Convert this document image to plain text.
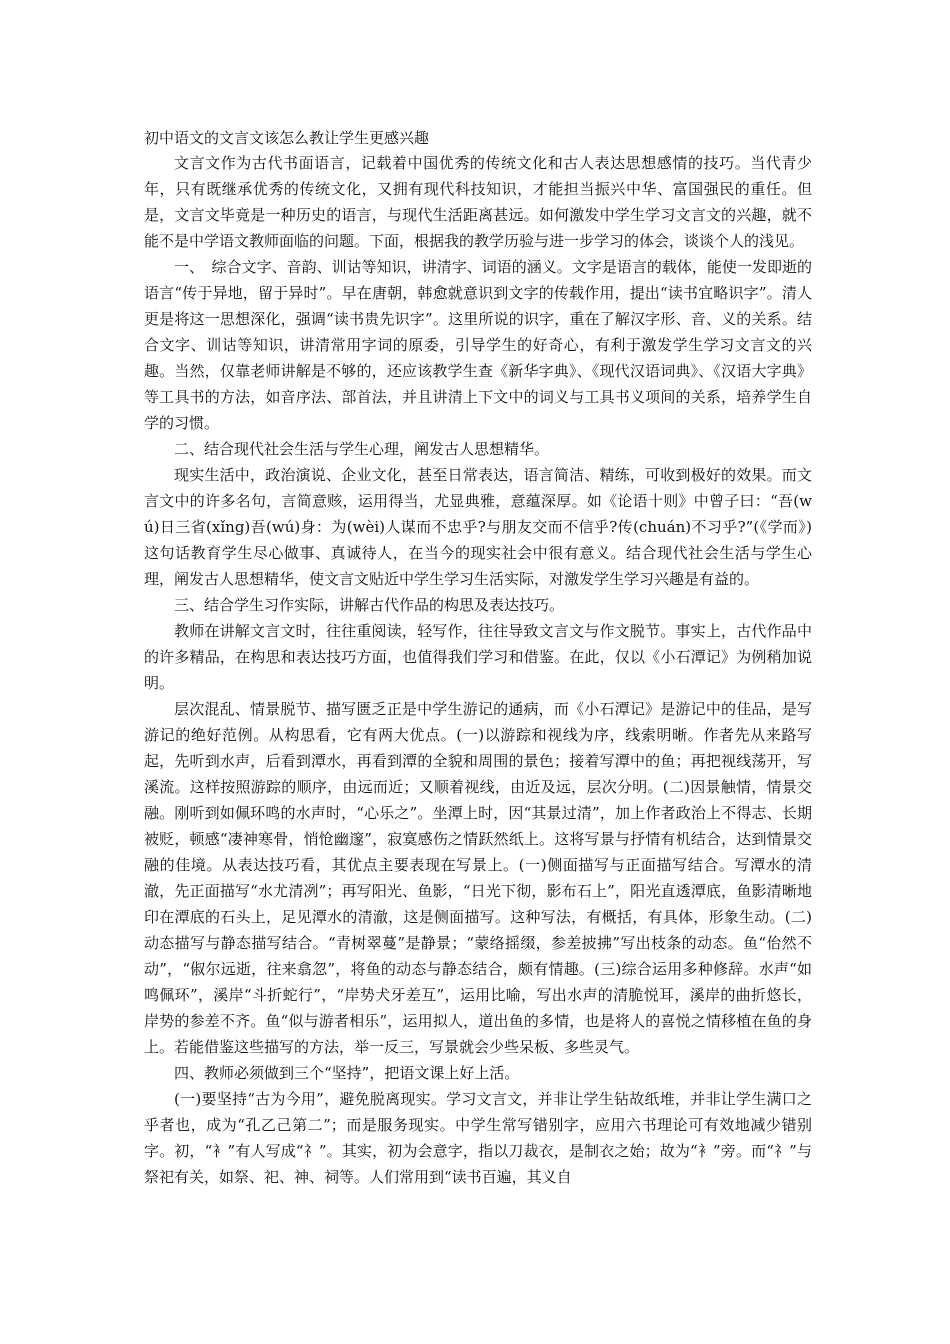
初中语文的文言文该怎么教让学生更感兴趣

文言文作为古代书面语言，记载着中国优秀的传统文化和古人表达思想感情的技巧。当代青少年，只有既继承优秀的传统文化，又拥有现代科技知识，才能担当振兴中华、富国强民的重任。但是，文言文毕竟是一种历史的语言，与现代生活距离甚远。如何激发中学生学习文言文的兴趣，就不能不是中学语文教师面临的问题。下面，根据我的教学历验与进一步学习的体会，谈谈个人的浅见。

一、　综合文字、音韵、训诂等知识，讲清字、词语的涵义。文字是语言的载体，能使一发即逝的语言“传于异地，留于异时”。早在唐朝，韩愈就意识到文字的传载作用，提出“读书宜略识字”。清人更是将这一思想深化，强调“读书贵先识字”。这里所说的识字，重在了解汉字形、音、义的关系。结合文字、训诂等知识，讲清常用字词的原委，引导学生的好奇心，有利于激发学生学习文言文的兴趣。当然，仅靠老师讲解是不够的，还应该教学生查《新华字典》、《现代汉语词典》、《汉语大字典》等工具书的方法，如音序法、部首法，并且讲清上下文中的词义与工具书义项间的关系，培养学生自学的习惯。

二、结合现代社会生活与学生心理，阐发古人思想精华。

现实生活中，政治演说、企业文化，甚至日常表达，语言简洁、精练，可收到极好的效果。而文言文中的许多名句，言简意赅，运用得当，尤显典雅，意蕴深厚。如《论语十则》中曾子曰：“吾(wú)日三省(xǐng)吾(wú)身：为(wèi)人谋而不忠乎?与朋友交而不信乎?传(chuán)不习乎?”(《学而》)这句话教育学生尽心做事、真诚待人，在当今的现实社会中很有意义。结合现代社会生活与学生心理，阐发古人思想精华，使文言文贴近中学生学习生活实际，对激发学生学习兴趣是有益的。

三、结合学生习作实际，讲解古代作品的构思及表达技巧。

教师在讲解文言文时，往往重阅读，轻写作，往往导致文言文与作文脱节。事实上，古代作品中的许多精品，在构思和表达技巧方面，也值得我们学习和借鉴。在此，仅以《小石潭记》为例稍加说明。

层次混乱、情景脱节、描写匮乏正是中学生游记的通病，而《小石潭记》是游记中的佳品，是写游记的绝好范例。从构思看，它有两大优点。(一)以游踪和视线为序，线索明晰。作者先从来路写起，先听到水声，后看到潭水，再看到潭的全貌和周围的景色；接着写潭中的鱼；再把视线荡开，写溪流。这样按照游踪的顺序，由远而近；又顺着视线，由近及远，层次分明。(二)因景触情，情景交融。刚听到如佩环鸣的水声时，“心乐之”。坐潭上时，因“其景过清”，加上作者政治上不得志、长期被贬，顿感“凄神寒骨，悄怆幽邃”，寂寞感伤之情跃然纸上。这将写景与抒情有机结合，达到情景交融的佳境。从表达技巧看，其优点主要表现在写景上。(一)侧面描写与正面描写结合。写潭水的清澈，先正面描写“水尤清冽”；再写阳光、鱼影，“日光下彻，影布石上”，阳光直透潭底，鱼影清晰地印在潭底的石头上，足见潭水的清澈，这是侧面描写。这种写法，有概括，有具体，形象生动。(二)动态描写与静态描写结合。“青树翠蔓”是静景；“蒙络摇缀，参差披拂”写出枝条的动态。鱼“佁然不动”，“俶尔远逝，往来翕忽”，将鱼的动态与静态结合，颇有情趣。(三)综合运用多种修辞。水声“如鸣佩环”，溪岸“斗折蛇行”，“岸势犬牙差互”，运用比喻，写出水声的清脆悦耳，溪岸的曲折悠长，岸势的参差不齐。鱼“似与游者相乐”，运用拟人，道出鱼的多情，也是将人的喜悦之情移植在鱼的身上。若能借鉴这些描写的方法，举一反三，写景就会少些呆板、多些灵气。

四、教师必须做到三个“坚持”，把语文课上好上活。

(一)要坚持“古为今用”，避免脱离现实。学习文言文，并非让学生钻故纸堆，并非让学生满口之乎者也，成为“孔乙己第二”；而是服务现实。中学生常写错别字，应用六书理论可有效地减少错别字。初，“衤”有人写成“礻”。其实，初为会意字，指以刀裁衣，是制衣之始；故为“衤”旁。而“礻”与祭祀有关，如祭、祀、神、祠等。人们常用到“读书百遍，其义自
